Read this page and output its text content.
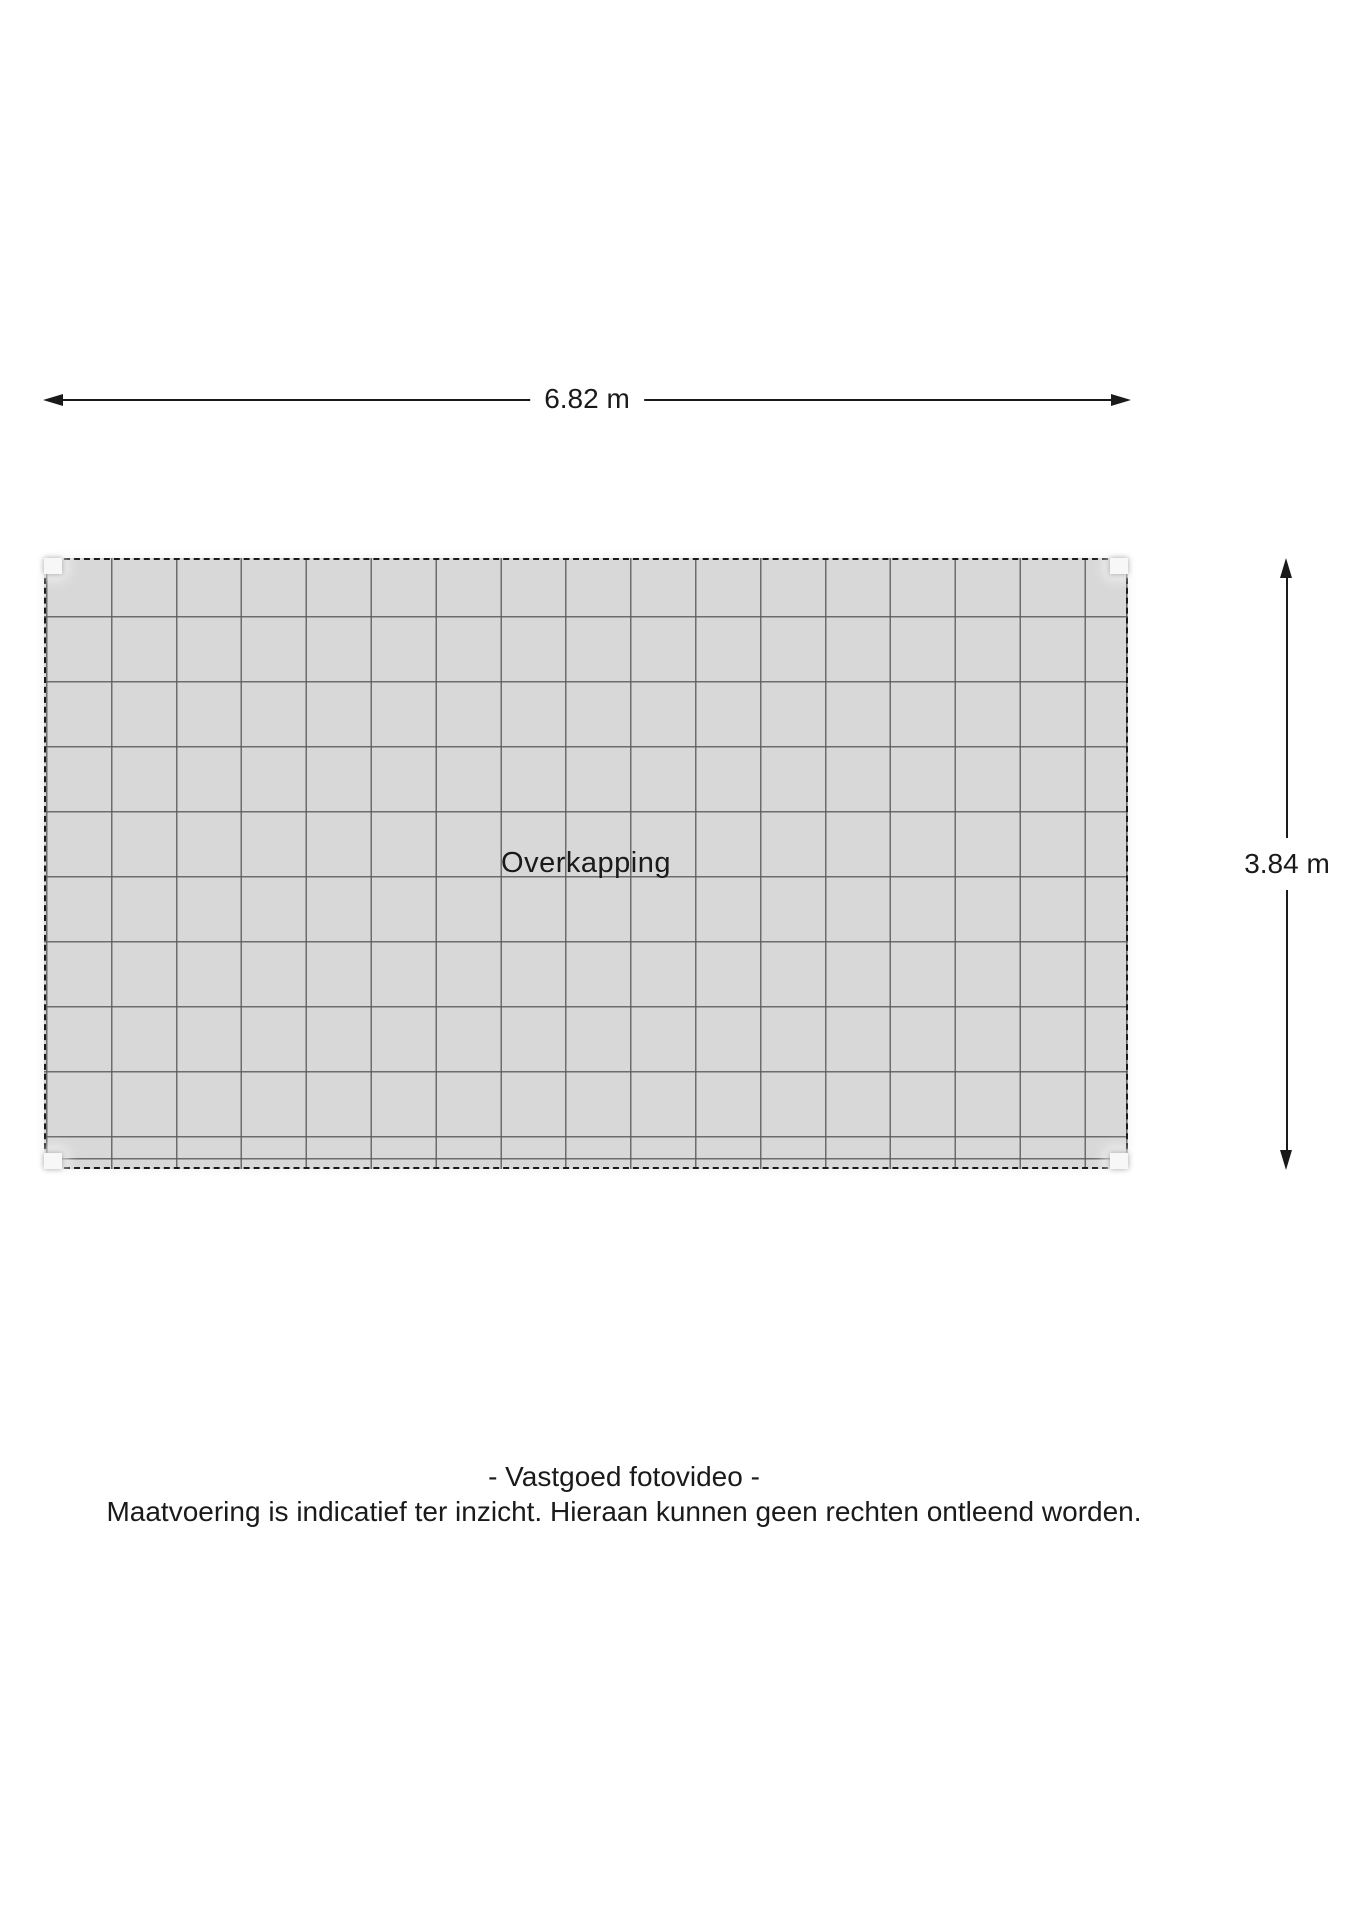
6.82 m
Overkapping	3.84 m
- Vastgoed fotovideo -
Maatvoering is indicatief ter inzicht. Hieraan kunnen geen rechten ontleend worden.
